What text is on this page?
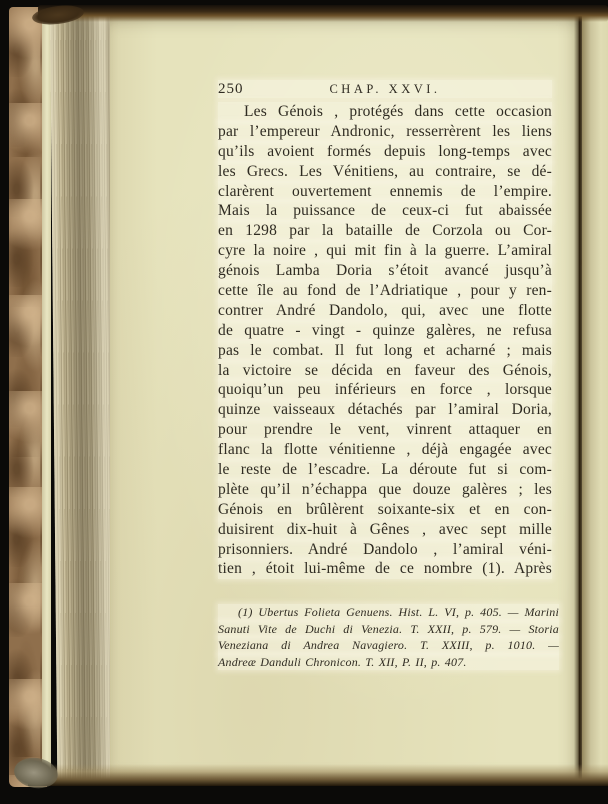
250	CHAP. XXVI.
Les Génois , protégés dans cette occasion
par l’empereur Andronic, resserrèrent les liens
qu’ils avoient formés depuis long-temps avec
les Grecs. Les Vénitiens, au contraire, se dé-
clarèrent ouvertement ennemis de l’empire.
Mais la puissance de ceux-ci fut abaissée
en 1298 par la bataille de Corzola ou Cor-
cyre la noire , qui mit fin à la guerre. L’amiral
génois Lamba Doria s’étoit avancé jusqu’à
cette île au fond de l’Adriatique , pour y ren-
contrer André Dandolo, qui, avec une flotte
de quatre - vingt - quinze galères, ne refusa
pas le combat. Il fut long et acharné ; mais
la victoire se décida en faveur des Génois,
quoiqu’un peu inférieurs en force , lorsque
quinze vaisseaux détachés par l’amiral Doria,
pour prendre le vent, vinrent attaquer en
flanc la flotte vénitienne , déjà engagée avec
le reste de l’escadre. La déroute fut si com-
plète qu’il n’échappa que douze galères ; les
Génois en brûlèrent soixante-six et en con-
duisirent dix-huit à Gênes , avec sept mille
prisonniers. André Dandolo , l’amiral véni-
tien , étoit lui-même de ce nombre (1). Après
(1) Ubertus Folieta Genuens. Hist. L. VI, p. 405. — Marini
Sanuti Vite de Duchi di Venezia. T. XXII, p. 579. — Storia
Veneziana di Andrea Navagiero. T. XXIII, p. 1010. —
Andreæ Danduli Chronicon. T. XII, P. II, p. 407.
